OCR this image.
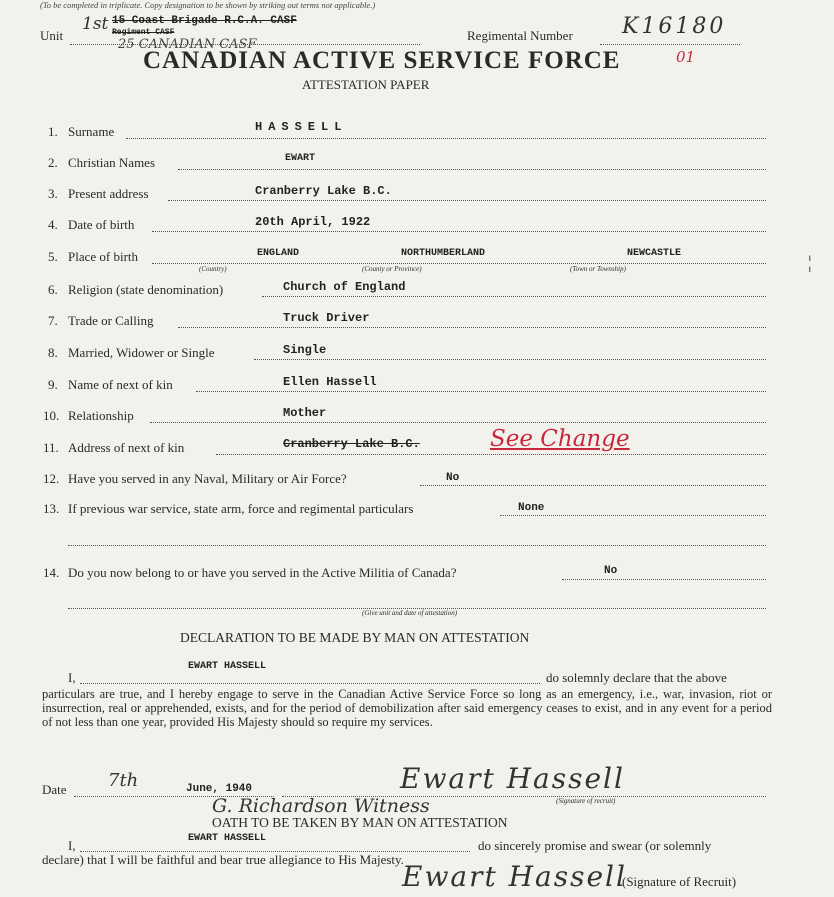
(To be completed in triplicate. Copy designation to be shown by striking out terms not applicable.)
Unit
1st 15 Coast Brigade R.C.A. CASF
Regiment CASF
25 CANADIAN CASF
Regimental Number K16180
CANADIAN ACTIVE SERVICE FORCE	01
ATTESTATION PAPER
1. Surname	HASSELL
2. Christian Names	EWART
3. Present address	Cranberry Lake B.C.
4. Date of birth	20th April, 1922
5. Place of birth	ENGLAND	NORTHUMBERLAND	NEWCASTLE
(Country)	(County or Province)	(Town or Township)
6. Religion (state denomination)	Church of England
7. Trade or Calling	Truck Driver
8. Married, Widower or Single	Single
9. Name of next of kin	Ellen Hassell
10. Relationship	Mother
11. Address of next of kin	Cranberry Lake B.C.	See Change
12. Have you served in any Naval, Military or Air Force?	No
13. If previous war service, state arm, force and regimental particulars	None
14. Do you now belong to or have you served in the Active Militia of Canada?	No
(Give unit and date of attestation)
DECLARATION TO BE MADE BY MAN ON ATTESTATION
I,
EWART HASSELL
do solemnly declare that the above
particulars are true, and I hereby engage to serve in the Canadian Active Service Force so long as an emergency, i.e., war, invasion, riot or insurrection, real or apprehended, exists, and for the period of demobilization after said emergency ceases to exist, and in any event for a period of not less than one year, provided His Majesty should so require my services.
Date 7th	June, 1940	Ewart Hassell
(Signature of recruit)
G. Richardson Witness
OATH TO BE TAKEN BY MAN ON ATTESTATION
I,	EWART HASSELL	do sincerely promise and swear (or solemnly
declare) that I will be faithful and bear true allegiance to His Majesty.
Ewart Hassell
(Signature of Recruit)
¦
